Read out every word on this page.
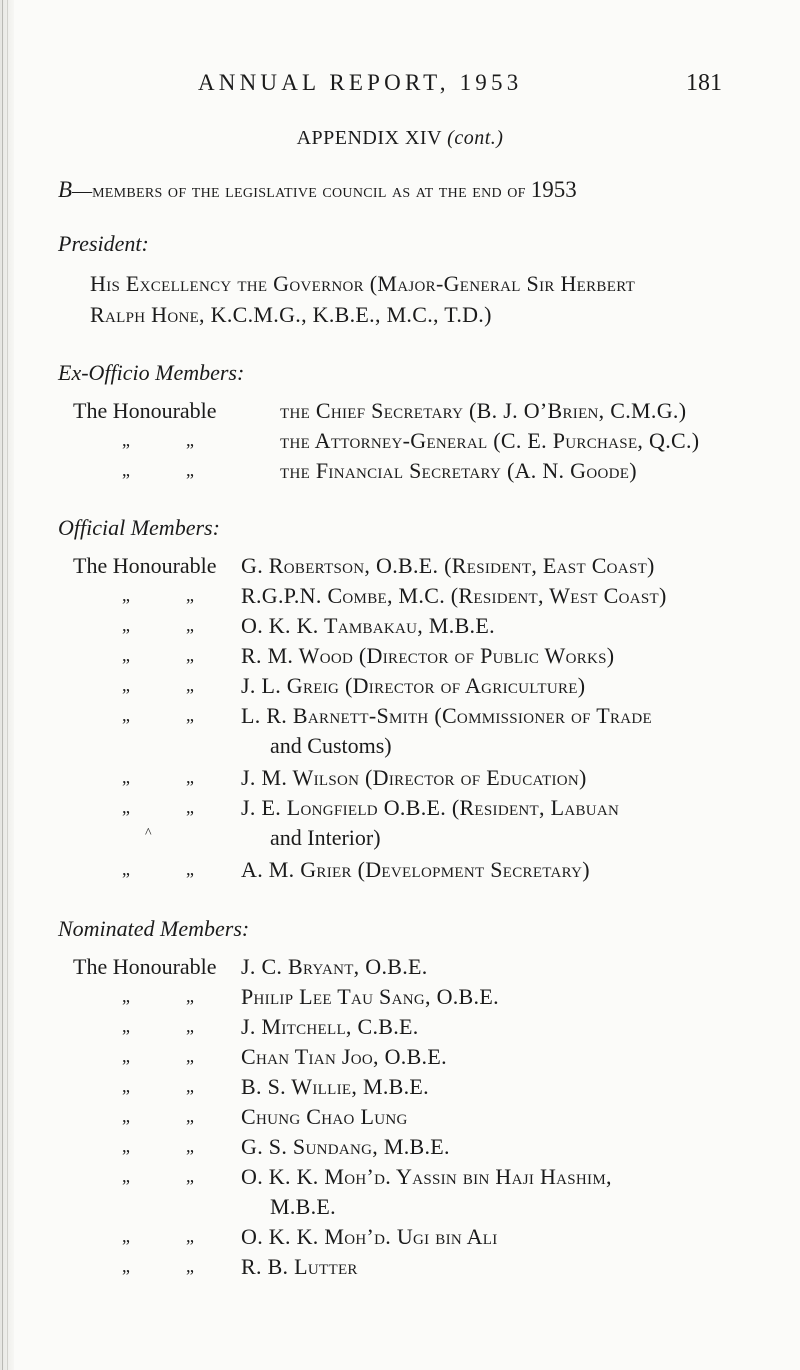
ANNUAL REPORT, 1953	181
APPENDIX XIV (cont.)
B—members of the legislative council as at the end of 1953
President:
His Excellency the Governor (Major-General Sir Herbert
Ralph Hone, K.C.M.G., K.B.E., M.C., T.D.)
Ex-Officio Members:
The Honourable	the Chief Secretary (B. J. O’Brien, C.M.G.)
„	„	the Attorney-General (C. E. Purchase, Q.C.)
„	„	the Financial Secretary (A. N. Goode)
Official Members:
The Honourable G. Robertson, O.B.E. (Resident, East Coast)
„	„ R.G.P.N. Combe, M.C. (Resident, West Coast)
„	„ O. K. K. Tambakau, M.B.E.
„	„ R. M. Wood (Director of Public Works)
„	„ J. L. Greig (Director of Agriculture)
„	„ L. R. Barnett-Smith (Commissioner of Trade
and Customs)
„	„ J. M. Wilson (Director of Education)
„	„ J. E. Longfield O.B.E. (Resident, Labuan
^	and Interior)
„	„ A. M. Grier (Development Secretary)
Nominated Members:
The Honourable J. C. Bryant, O.B.E.
„	„ Philip Lee Tau Sang, O.B.E.
„	„ J. Mitchell, C.B.E.
„	„ Chan Tian Joo, O.B.E.
„	„ B. S. Willie, M.B.E.
„	„ Chung Chao Lung
„	„ G. S. Sundang, M.B.E.
„	„ O. K. K. Moh’d. Yassin bin Haji Hashim,
M.B.E.
„	„ O. K. K. Moh’d. Ugi bin Ali
„	„ R. B. Lutter
